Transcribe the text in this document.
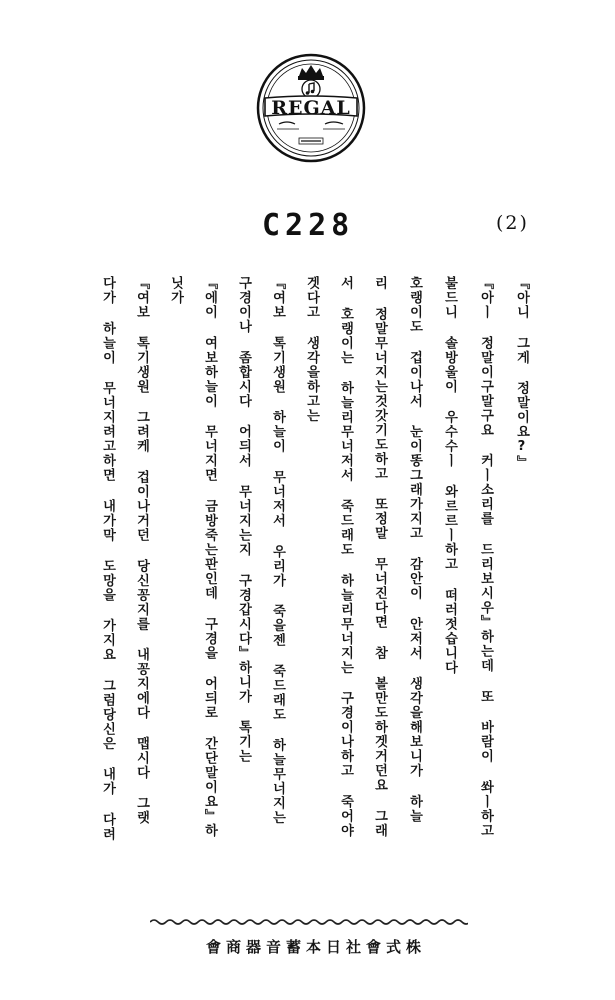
REGAL
C228	(2)
『아니 그게 정말이요?』
『아ㅣ 정말이구말구요 커ㅣ소리를 드리보시우』하는데 또 바람이 쏴ㅣ하고
불드니 솔방울이 우수수ㅣ 와르르ㅣ하고 떠러젓습니다
호랭이도 겁이나서 눈이똥그래가지고 감안이 안저서 생각을해보니가 하늘
리 정말무너지는것갓기도하고 또정말 무너진다면 참 볼만도하겟거던요 그래
서 호랭이는 하늘리무너저서 죽드래도 하늘리무너지는 구경이나하고 죽어야
겟다고 생각을하고는
『여보 톡기생원 하늘이 무너저서 우리가 죽을젠 죽드래도 하늘무너지는
구경이나 좀합시다 어듸서 무너지는지 구경갑시다』하니가 톡기는
『에이 여보하늘이 무너지면 금방죽는판인데 구경을 어듸로 간단말이요』하
닛가
『여보 톡기생원 그려케 겁이나거던 당신꽁지를 내꽁지에다 맵시다 그랫
다가 하늘이 무너지려고하면 내가막 도망을 가지요 그럼당신은 내가 다려
會商器音蓄本日社會式株
